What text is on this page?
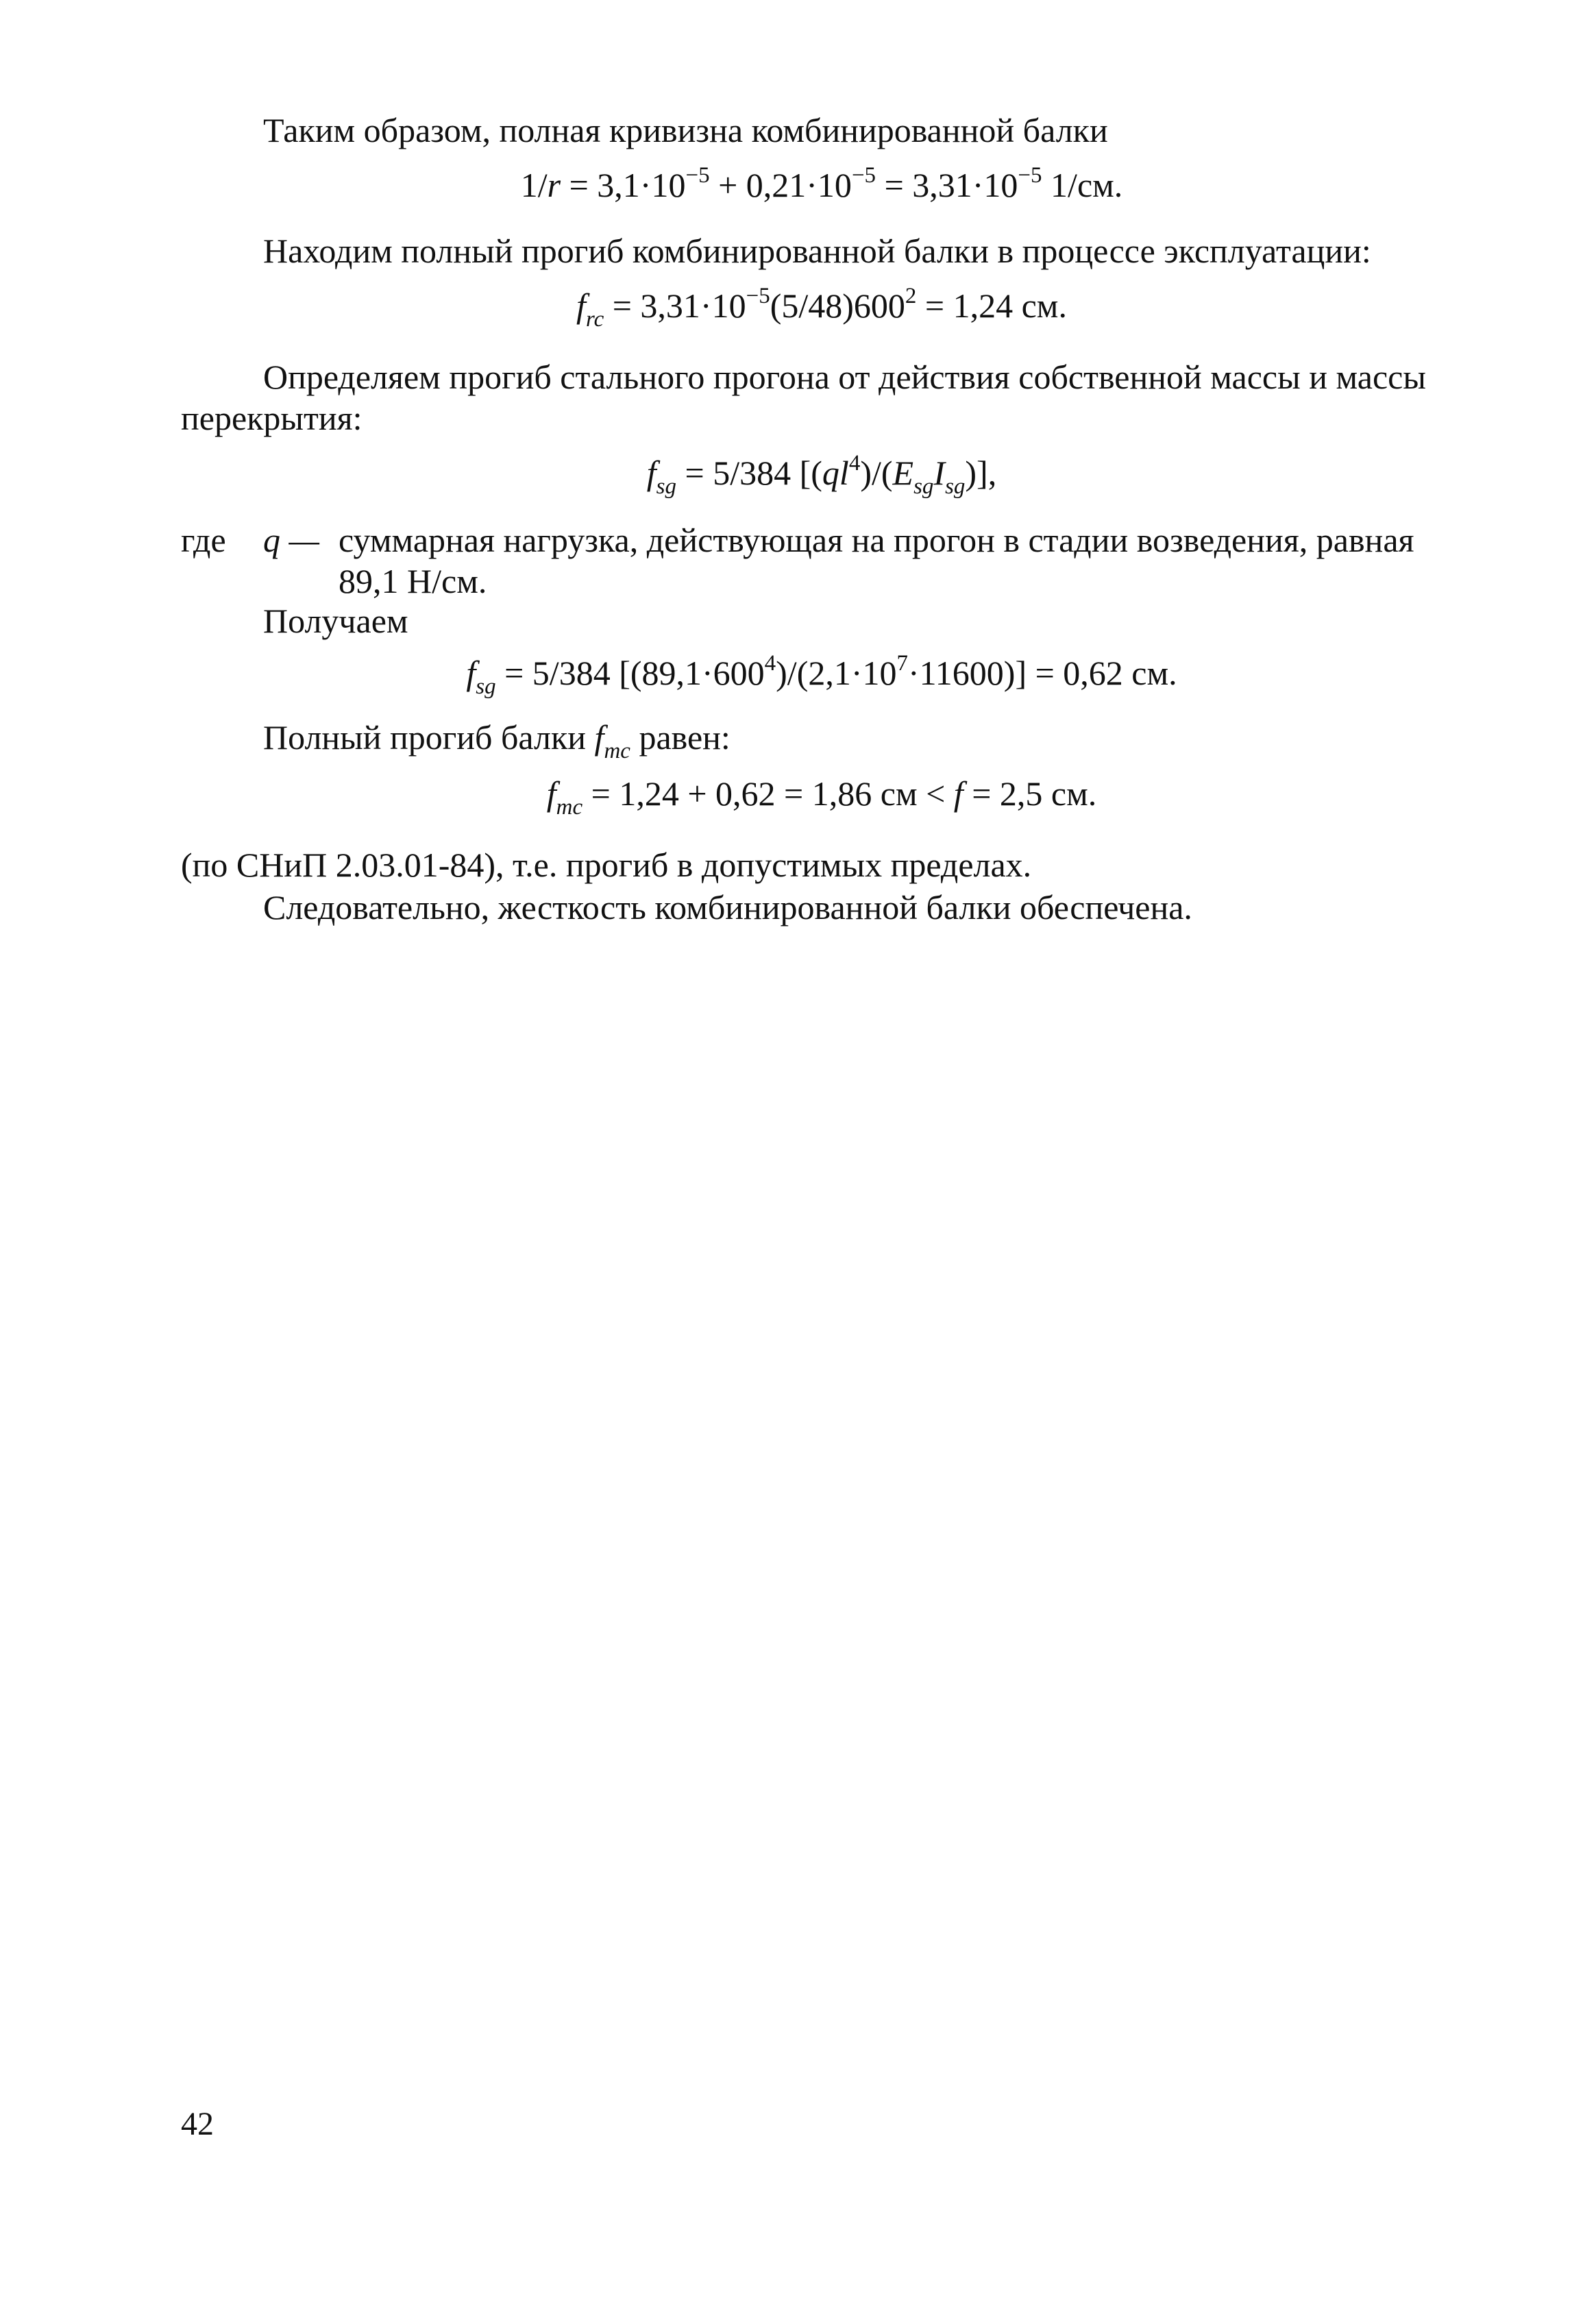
Таким образом, полная кривизна комбинированной балки
$1/r = 3,1\cdot 10^{-5} + 0,21\cdot 10^{-5} = 3,31\cdot 10^{-5}$ 1/см.
Находим полный прогиб комбинированной балки в процессе эксплуатации:
$f_{rc} = 3,31\cdot 10^{-5}(5/48)600^2 = 1,24$ см.
Определяем прогиб стального прогона от действия собственной массы и массы
перекрытия:
$f_{sg} = 5/384$ $[(ql^4)/(E_{sg}I_{sg})]$,
где q — суммарная нагрузка, действующая на прогон в стадии возведения, равная
89,1 Н/см.
Получаем
$f_{sg} = 5/384$ $[(89,1\cdot 600^4)/(2,1\cdot 10^7\cdot 11600)] = 0,62$ см.
Полный прогиб балки $f_{mc}$ равен:
$f_{mc} = 1,24 + 0,62 = 1,86$ см < f = 2,5 см.
(по СНиП 2.03.01-84), т.е. прогиб в допустимых пределах.
Следовательно, жесткость комбинированной балки обеспечена.
42
